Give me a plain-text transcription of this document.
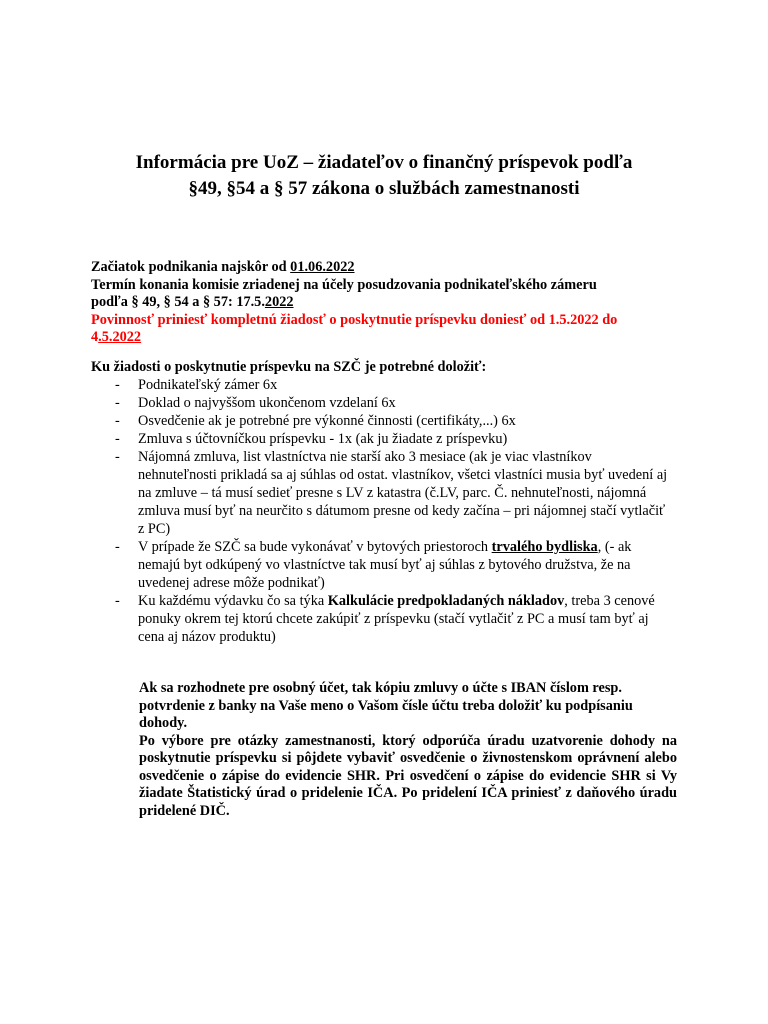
Informácia pre UoZ – žiadateľov o finančný príspevok podľa
§49, §54 a § 57 zákona o službách zamestnanosti
Začiatok podnikania najskôr od 01.06.2022
Termín konania komisie zriadenej na účely posudzovania podnikateľského zámeru
podľa § 49, § 54 a § 57: 17.5.2022
Povinnosť priniesť kompletnú žiadosť o poskytnutie príspevku doniesť od 1.5.2022 do
4.5.2022
Ku žiadosti o poskytnutie príspevku na SZČ je potrebné doložiť:
- Podnikateľský zámer 6x
- Doklad o najvyššom ukončenom vzdelaní 6x
- Osvedčenie ak je potrebné pre výkonné činnosti (certifikáty,...) 6x
- Zmluva s účtovníčkou príspevku - 1x (ak ju žiadate z príspevku)
- Nájomná zmluva, list vlastníctva nie starší ako 3 mesiace (ak je viac vlastníkov nehnuteľnosti prikladá sa aj súhlas od ostat. vlastníkov, všetci vlastníci musia byť uvedení aj na zmluve – tá musí sedieť presne s LV z katastra (č.LV, parc. Č. nehnuteľnosti, nájomná zmluva musí byť na neurčito s dátumom presne od kedy začína – pri nájomnej stačí vytlačiť z PC)
- V prípade že SZČ sa bude vykonávať v bytových priestoroch trvalého bydliska, (- ak nemajú byt odkúpený vo vlastníctve tak musí byť aj súhlas z bytového družstva, že na uvedenej adrese môže podnikať)
- Ku každému výdavku čo sa týka Kalkulácie predpokladaných nákladov, treba 3 cenové ponuky okrem tej ktorú chcete zakúpiť z príspevku (stačí vytlačiť z PC a musí tam byť aj cena aj názov produktu)
Ak sa rozhodnete pre osobný účet, tak kópiu zmluvy o účte s IBAN číslom resp. potvrdenie z banky na Vaše meno o Vašom čísle účtu treba doložiť ku podpísaniu dohody.
Po výbore pre otázky zamestnanosti, ktorý odporúča úradu uzatvorenie dohody na poskytnutie príspevku si pôjdete vybaviť osvedčenie o živnostenskom oprávnení alebo osvedčenie o zápise do evidencie SHR. Pri osvedčení o zápise do evidencie SHR si Vy žiadate Štatistický úrad o pridelenie IČA. Po pridelení IČA priniesť z daňového úradu pridelené DIČ.
